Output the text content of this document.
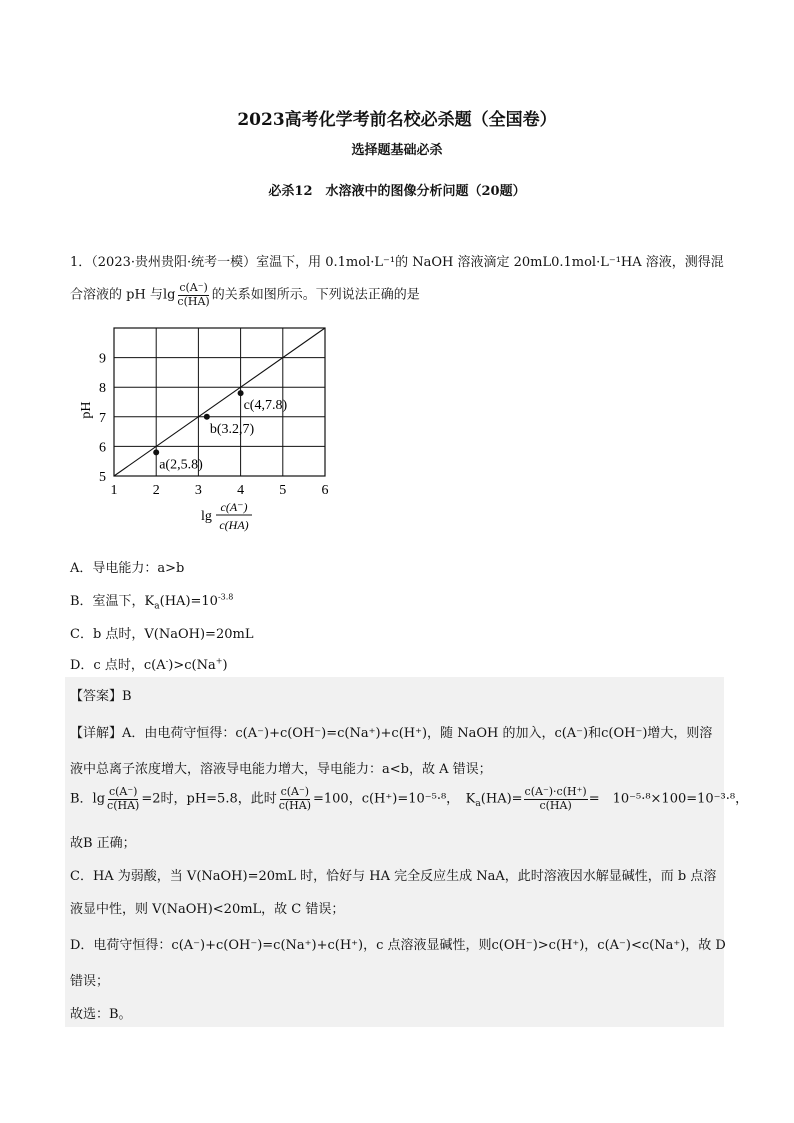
2023高考化学考前名校必杀题（全国卷）
选择题基础必杀
必杀12　水溶液中的图像分析问题（20题）
1．（2023·贵州贵阳·统考一模）室温下，用 0.1mol·L⁻¹的 NaOH 溶液滴定 20mL0.1mol·L⁻¹HA 溶液，测得混
合溶液的 pH 与$\lg \frac{c(A^-)}{c(HA)}$ 的关系如图所示。下列说法正确的是
1	2	3	4	5	6
5
6
7
8
9
a(2,5.8)
b(3.2,7)
c(4,7.8)
pH
lg
c(A⁻)
c(HA)
A．导电能力：a>b
B．室温下，$K_a(HA)=10^{-3.8}$
C．b 点时，V(NaOH)=20mL
D．c 点时，c(A-)>c(Na+)
【答案】B
【详解】A．由电荷守恒得：c(A⁻)+c(OH⁻)=c(Na⁺)+c(H⁺)，随 NaOH 的加入，c(A⁻)和c(OH⁻)增大，则溶
液中总离子浓度增大，溶液导电能力增大，导电能力：a<b，故 A 错误；
B．$\lg \frac{c(A^-)}{c(HA)} =2$时，pH=5.8，此时 $\frac{c(A^-)}{c(HA)} =100$，c(H⁺)=10⁻⁵·⁸，　$K_a(HA)= \frac{c(A^-)\cdot c(H^+)}{c(HA)}$ =　10⁻⁵·⁸×100=10⁻³·⁸，
故B 正确；
C．HA 为弱酸，当 V(NaOH)=20mL 时，恰好与 HA 完全反应生成 NaA，此时溶液因水解显碱性，而 b 点溶
液显中性，则 V(NaOH)<20mL，故 C 错误；
D．电荷守恒得：c(A⁻)+c(OH⁻)=c(Na⁺)+c(H⁺)，c 点溶液显碱性，则c(OH⁻)>c(H⁺)，c(A⁻)<c(Na⁺)，故 D
错误；
故选：B。
